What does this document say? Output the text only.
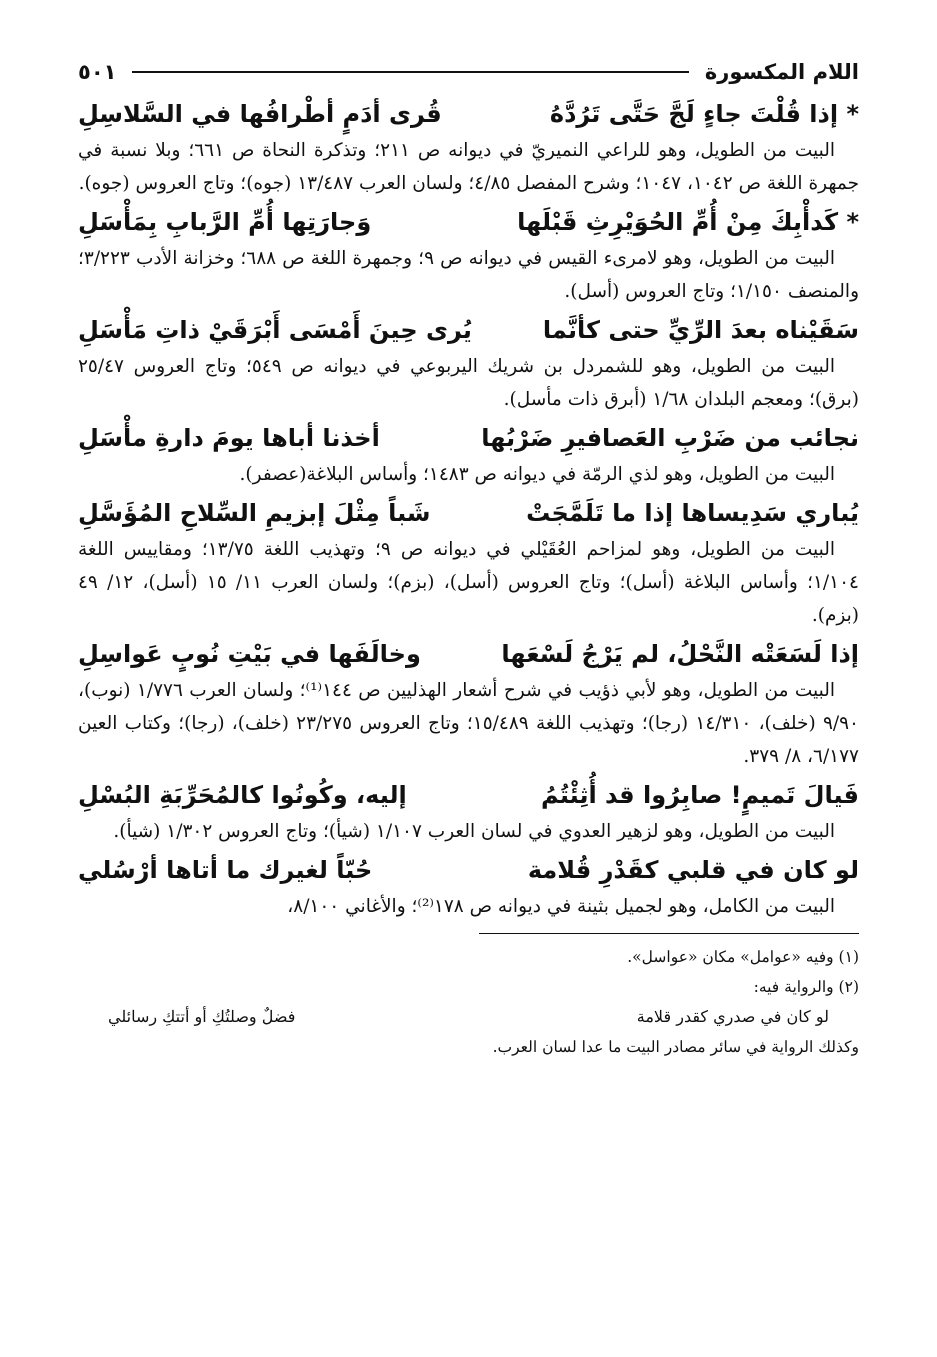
اللام المكسورة
٥٠١
* إذا قُلْتَ جاءٍ لَجَّ حَتَّى تَرُدَّهُ
قُرى أدَمٍ أطْرافُها في السَّلاسِلِ

البيت من الطويل، وهو للراعي النميريّ في ديوانه ص ٢١١؛ وتذكرة النحاة ص ٦٦١؛ وبلا نسبة في جمهرة اللغة ص ١٠٤٢، ١٠٤٧؛ وشرح المفصل ٤/٨٥؛ ولسان العرب ١٣/٤٨٧ (جوه)؛ وتاج العروس (جوه).

* كَدأْبِكَ مِنْ أُمِّ الحُوَيْرِثِ قَبْلَها
وَجارَتِها أُمِّ الرَّبابِ بِمَأْسَلِ

البيت من الطويل، وهو لامرىء القيس في ديوانه ص ٩؛ وجمهرة اللغة ص ٦٨٨؛ وخزانة الأدب ٣/٢٢٣؛ والمنصف ١/١٥٠؛ وتاج العروس (أسل).

سَقَيْناه بعدَ الرِّيِّ حتى كأنَّما
يُرى حِينَ أَمْسَى أَبْرَقَيْ ذاتِ مَأْسَلِ

البيت من الطويل، وهو للشمردل بن شريك اليربوعي في ديوانه ص ٥٤٩؛ وتاج العروس ٢٥/٤٧ (برق)؛ ومعجم البلدان ١/٦٨ (أبرق ذات مأسل).

نجائب من ضَرْبِ العَصافيرِ ضَرْبُها
أخذنا أباها يومَ دارةِ مأْسَلِ

البيت من الطويل، وهو لذي الرمّة في ديوانه ص ١٤٨٣؛ وأساس البلاغة(عصفر).

يُباري سَدِيساها إذا ما تَلَمَّجَتْ
شَباً مِثْلَ إبزيمِ السِّلاحِ المُؤَسَّلِ

البيت من الطويل، وهو لمزاحم العُقَيْلي في ديوانه ص ٩؛ وتهذيب اللغة ١٣/٧٥؛ ومقاييس اللغة ١/١٠٤؛ وأساس البلاغة (أسل)؛ وتاج العروس (أسل)، (بزم)؛ ولسان العرب ١١/ ١٥ (أسل)، ١٢/ ٤٩ (بزم).

إذا لَسَعَتْه النَّحْلُ، لم يَرْجُ لَسْعَها
وخالَفَها في بَيْتِ نُوبٍ عَواسِلِ

البيت من الطويل، وهو لأبي ذؤيب في شرح أشعار الهذليين ص ١٤٤⁽¹⁾؛ ولسان العرب ١/٧٧٦ (نوب)، ٩/٩٠ (خلف)، ١٤/٣١٠ (رجا)؛ وتهذيب اللغة ١٥/٤٨٩؛ وتاج العروس ٢٣/٢٧٥ (خلف)، (رجا)؛ وكتاب العين ٦/١٧٧، ٨/ ٣٧٩.

فَيالَ تَميمٍ! صابِرُوا قد أُثِئْتُمُ
إليه، وكُونُوا كالمُحَرِّبَةِ البُسْلِ

البيت من الطويل، وهو لزهير العدوي في لسان العرب ١/١٠٧ (شيأ)؛ وتاج العروس ١/٣٠٢ (شيأ).

لو كان في قلبي كقَدْرِ قُلامة
حُبّاً لغيرك ما أتاها أرْسُلي

البيت من الكامل، وهو لجميل بثينة في ديوانه ص ١٧٨⁽²⁾؛ والأغاني ٨/١٠٠،

(١) وفيه «عوامل» مكان «عواسل».
(٢) والرواية فيه:
لو كان في صدري كقدر قلامة
فضلٌ وصلتُكِ أو أتتكِ رسائلي
وكذلك الرواية في سائر مصادر البيت ما عدا لسان العرب.
